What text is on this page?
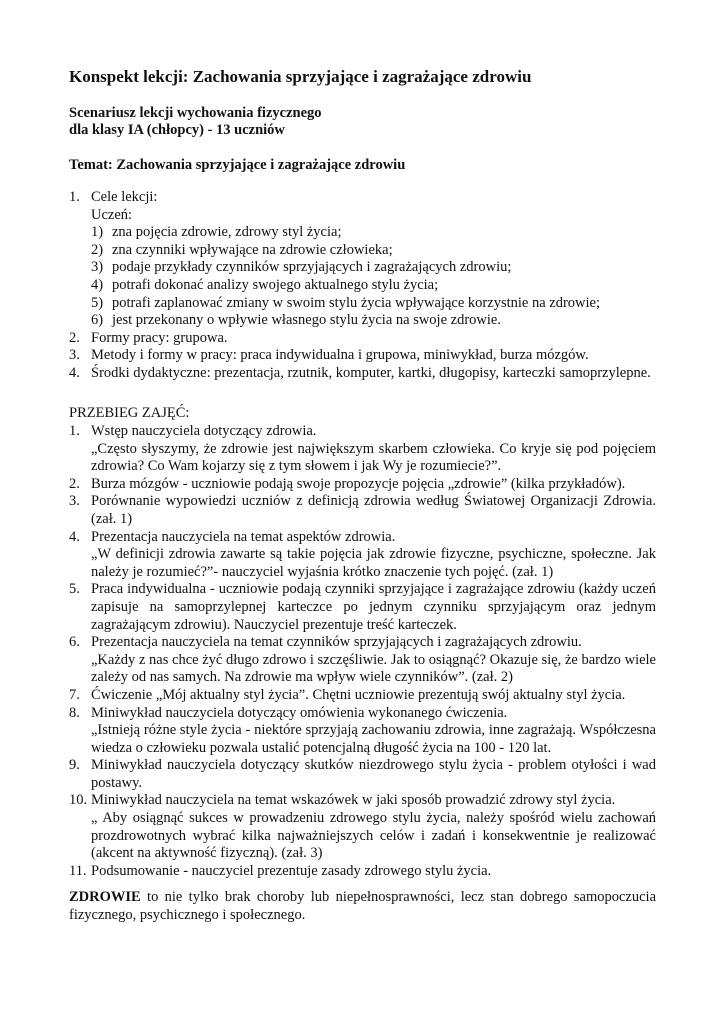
Konspekt lekcji: Zachowania sprzyjające i zagrażające zdrowiu
Scenariusz lekcji wychowania fizycznego
dla klasy IA (chłopcy) - 13 uczniów
Temat: Zachowania sprzyjające i zagrażające zdrowiu
1. Cele lekcji:
Uczeń:
1) zna pojęcia zdrowie, zdrowy styl życia;
2) zna czynniki wpływające na zdrowie człowieka;
3) podaje przykłady czynników sprzyjających i zagrażających zdrowiu;
4) potrafi dokonać analizy swojego aktualnego stylu życia;
5) potrafi zaplanować zmiany w swoim stylu życia wpływające korzystnie na zdrowie;
6) jest przekonany o wpływie własnego stylu życia na swoje zdrowie.
2. Formy pracy: grupowa.
3. Metody i formy w pracy: praca indywidualna i grupowa, miniwykład, burza mózgów.
4. Środki dydaktyczne: prezentacja, rzutnik, komputer, kartki, długopisy, karteczki samoprzylepne.
PRZEBIEG ZAJĘĆ:
1. Wstęp nauczyciela dotyczący zdrowia.
„Często słyszymy, że zdrowie jest największym skarbem człowieka. Co kryje się pod pojęciem zdrowia? Co Wam kojarzy się z tym słowem i jak Wy je rozumiecie?”.
2. Burza mózgów - uczniowie podają swoje propozycje pojęcia „zdrowie” (kilka przykładów).
3. Porównanie wypowiedzi uczniów z definicją zdrowia według Światowej Organizacji Zdrowia. (zał. 1)
4. Prezentacja nauczyciela na temat aspektów zdrowia.
„W definicji zdrowia zawarte są takie pojęcia jak zdrowie fizyczne, psychiczne, społeczne. Jak należy je rozumieć?”- nauczyciel wyjaśnia krótko znaczenie tych pojęć. (zał. 1)
5. Praca indywidualna - uczniowie podają czynniki sprzyjające i zagrażające zdrowiu (każdy uczeń zapisuje na samoprzylepnej karteczce po jednym czynniku sprzyjającym oraz jednym zagrażającym zdrowiu). Nauczyciel prezentuje treść karteczek.
6. Prezentacja nauczyciela na temat czynników sprzyjających i zagrażających zdrowiu.
„Każdy z nas chce żyć długo zdrowo i szczęśliwie. Jak to osiągnąć? Okazuje się, że bardzo wiele zależy od nas samych. Na zdrowie ma wpływ wiele czynników”. (zał. 2)
7. Ćwiczenie „Mój aktualny styl życia”. Chętni uczniowie prezentują swój aktualny styl życia.
8. Miniwykład nauczyciela dotyczący omówienia wykonanego ćwiczenia.
„Istnieją różne style życia - niektóre sprzyjają zachowaniu zdrowia, inne zagrażają. Współczesna wiedza o człowieku pozwala ustalić potencjalną długość życia na 100 - 120 lat.
9. Miniwykład nauczyciela dotyczący skutków niezdrowego stylu życia - problem otyłości i wad postawy.
10. Miniwykład nauczyciela na temat wskazówek w jaki sposób prowadzić zdrowy styl życia.
„ Aby osiągnąć sukces w prowadzeniu zdrowego stylu życia, należy spośród wielu zachowań prozdrowotnych wybrać kilka najważniejszych celów i zadań i konsekwentnie je realizować (akcent na aktywność fizyczną). (zał. 3)
11. Podsumowanie - nauczyciel prezentuje zasady zdrowego stylu życia.
ZDROWIE to nie tylko brak choroby lub niepełnosprawności, lecz stan dobrego samopoczucia fizycznego, psychicznego i społecznego.
